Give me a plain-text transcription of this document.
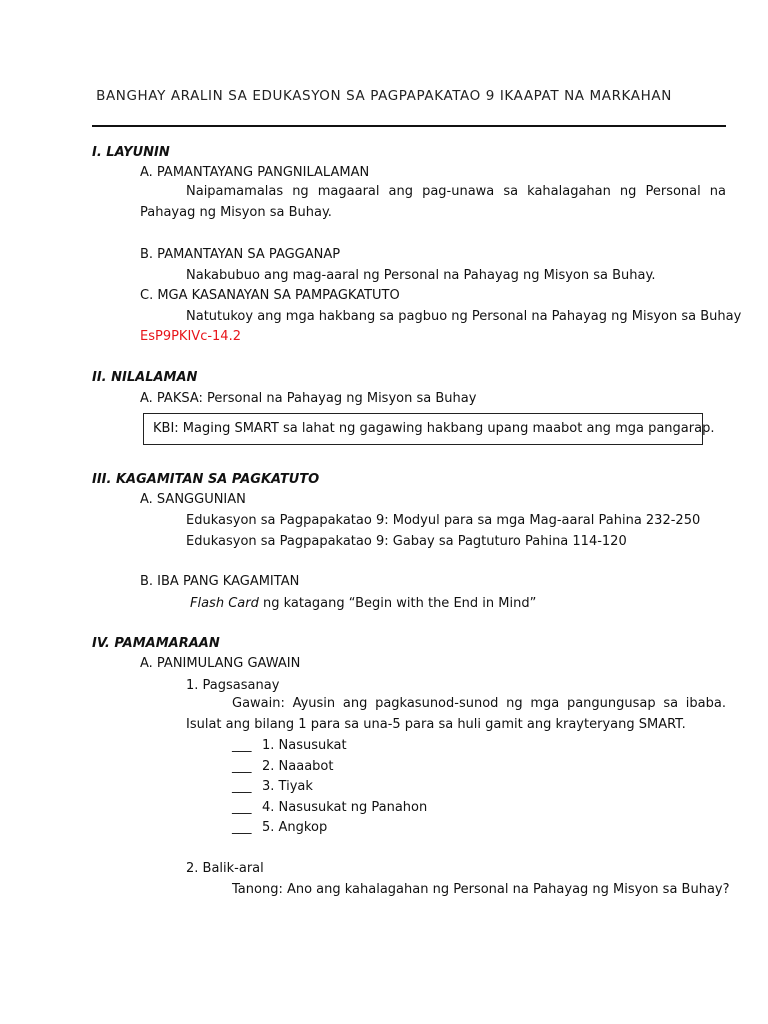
BANGHAY ARALIN SA EDUKASYON SA PAGPAPAKATAO 9 IKAAPAT NA MARKAHAN
I. LAYUNIN
A. PAMANTAYANG PANGNILALAMAN
Naipamamalas ng magaaral ang pag-unawa sa kahalagahan ng Personal na Pahayag ng Misyon sa Buhay.
B. PAMANTAYAN SA PAGGANAP
Nakabubuo ang mag-aaral ng Personal na Pahayag ng Misyon sa Buhay.
C. MGA KASANAYAN SA PAMPAGKATUTO
Natutukoy ang mga hakbang sa pagbuo ng Personal na Pahayag ng Misyon sa Buhay
EsP9PKIVc-14.2
II. NILALAMAN
A. PAKSA: Personal na Pahayag ng Misyon sa Buhay
KBI: Maging SMART sa lahat ng gagawing hakbang upang maabot ang mga pangarap.
III. KAGAMITAN SA PAGKATUTO
A. SANGGUNIAN
Edukasyon sa Pagpapakatao 9: Modyul para sa mga Mag-aaral Pahina 232-250
Edukasyon sa Pagpapakatao 9: Gabay sa Pagtuturo Pahina 114-120
B. IBA PANG KAGAMITAN
Flash Card ng katagang “Begin with the End in Mind”
IV. PAMAMARAAN
A. PANIMULANG GAWAIN
1. Pagsasanay
Gawain: Ayusin ang pagkasunod-sunod ng mga pangungusap sa ibaba. Isulat ang bilang 1 para sa una-5 para sa huli gamit ang krayteryang SMART.
___ 1. Nasusukat
___ 2. Naaabot
___ 3. Tiyak
___ 4. Nasusukat ng Panahon
___ 5. Angkop
2. Balik-aral
Tanong: Ano ang kahalagahan ng Personal na Pahayag ng Misyon sa Buhay?
